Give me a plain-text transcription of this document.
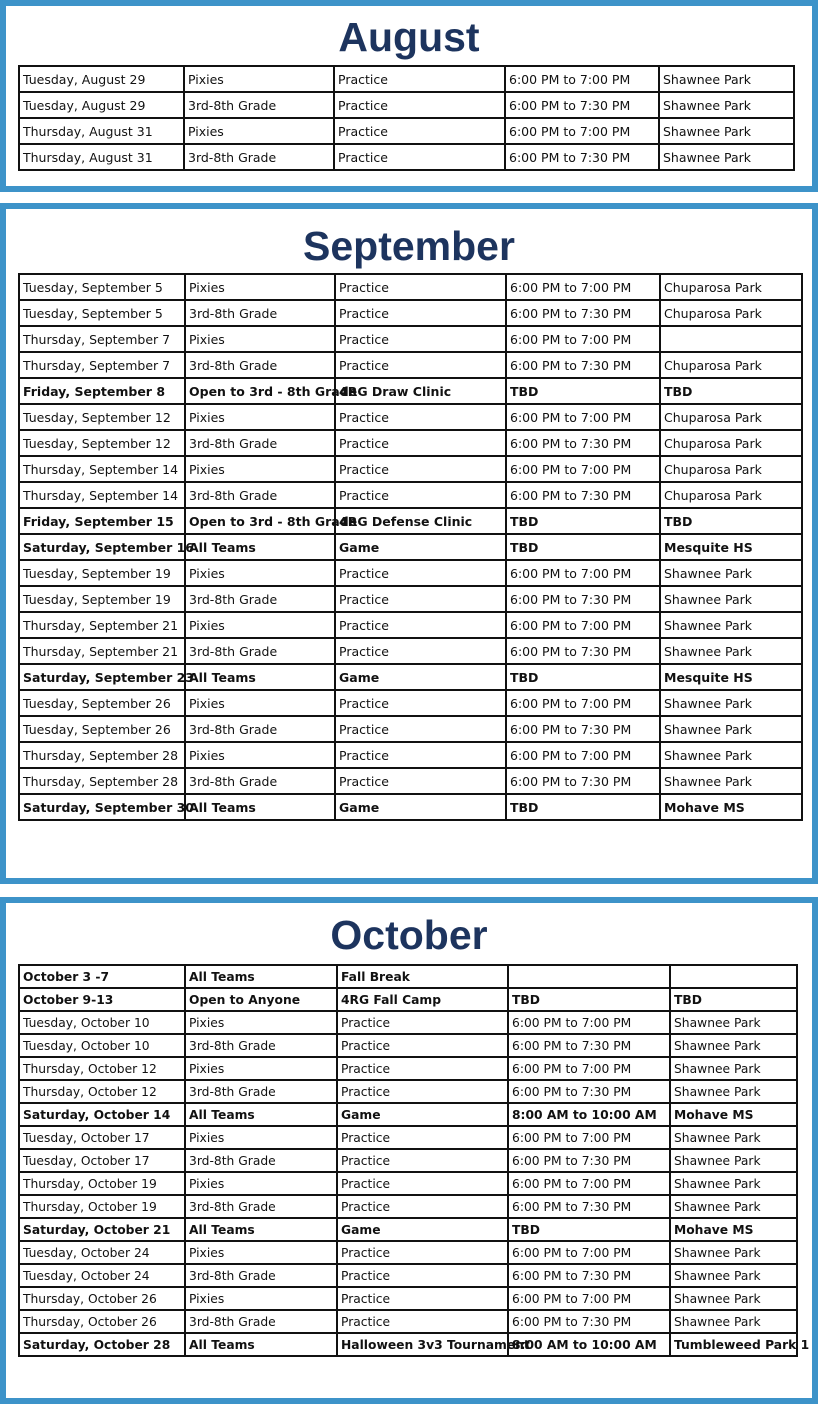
August
Tuesday, August 29	Pixies	Practice	6:00 PM to 7:00 PM	Shawnee Park
Tuesday, August 29	3rd-8th Grade	Practice	6:00 PM to 7:30 PM	Shawnee Park
Thursday, August 31	Pixies	Practice	6:00 PM to 7:00 PM	Shawnee Park
Thursday, August 31	3rd-8th Grade	Practice	6:00 PM to 7:30 PM	Shawnee Park
September
Tuesday, September 5	Pixies	Practice	6:00 PM to 7:00 PM	Chuparosa Park
Tuesday, September 5	3rd-8th Grade	Practice	6:00 PM to 7:30 PM	Chuparosa Park
Thursday, September 7	Pixies	Practice	6:00 PM to 7:00 PM	
Thursday, September 7	3rd-8th Grade	Practice	6:00 PM to 7:30 PM	Chuparosa Park
Friday, September 8	Open to 3rd - 8th Grade	4RG Draw Clinic	TBD	TBD
Tuesday, September 12	Pixies	Practice	6:00 PM to 7:00 PM	Chuparosa Park
Tuesday, September 12	3rd-8th Grade	Practice	6:00 PM to 7:30 PM	Chuparosa Park
Thursday, September 14	Pixies	Practice	6:00 PM to 7:00 PM	Chuparosa Park
Thursday, September 14	3rd-8th Grade	Practice	6:00 PM to 7:30 PM	Chuparosa Park
Friday, September 15	Open to 3rd - 8th Grade	4RG Defense Clinic	TBD	TBD
Saturday, September 16	All Teams	Game	TBD	Mesquite HS
Tuesday, September 19	Pixies	Practice	6:00 PM to 7:00 PM	Shawnee Park
Tuesday, September 19	3rd-8th Grade	Practice	6:00 PM to 7:30 PM	Shawnee Park
Thursday, September 21	Pixies	Practice	6:00 PM to 7:00 PM	Shawnee Park
Thursday, September 21	3rd-8th Grade	Practice	6:00 PM to 7:30 PM	Shawnee Park
Saturday, September 23	All Teams	Game	TBD	Mesquite HS
Tuesday, September 26	Pixies	Practice	6:00 PM to 7:00 PM	Shawnee Park
Tuesday, September 26	3rd-8th Grade	Practice	6:00 PM to 7:30 PM	Shawnee Park
Thursday, September 28	Pixies	Practice	6:00 PM to 7:00 PM	Shawnee Park
Thursday, September 28	3rd-8th Grade	Practice	6:00 PM to 7:30 PM	Shawnee Park
Saturday, September 30	All Teams	Game	TBD	Mohave MS
October
October 3 -7	All Teams	Fall Break		
October 9-13	Open to Anyone	4RG Fall Camp	TBD	TBD
Tuesday, October 10	Pixies	Practice	6:00 PM to 7:00 PM	Shawnee Park
Tuesday, October 10	3rd-8th Grade	Practice	6:00 PM to 7:30 PM	Shawnee Park
Thursday, October 12	Pixies	Practice	6:00 PM to 7:00 PM	Shawnee Park
Thursday, October 12	3rd-8th Grade	Practice	6:00 PM to 7:30 PM	Shawnee Park
Saturday, October 14	All Teams	Game	8:00 AM to 10:00 AM	Mohave MS
Tuesday, October 17	Pixies	Practice	6:00 PM to 7:00 PM	Shawnee Park
Tuesday, October 17	3rd-8th Grade	Practice	6:00 PM to 7:30 PM	Shawnee Park
Thursday, October 19	Pixies	Practice	6:00 PM to 7:00 PM	Shawnee Park
Thursday, October 19	3rd-8th Grade	Practice	6:00 PM to 7:30 PM	Shawnee Park
Saturday, October 21	All Teams	Game	TBD	Mohave MS
Tuesday, October 24	Pixies	Practice	6:00 PM to 7:00 PM	Shawnee Park
Tuesday, October 24	3rd-8th Grade	Practice	6:00 PM to 7:30 PM	Shawnee Park
Thursday, October 26	Pixies	Practice	6:00 PM to 7:00 PM	Shawnee Park
Thursday, October 26	3rd-8th Grade	Practice	6:00 PM to 7:30 PM	Shawnee Park
Saturday, October 28	All Teams	Halloween 3v3 Tournament	8:00 AM to 10:00 AM	Tumbleweed Park 1
